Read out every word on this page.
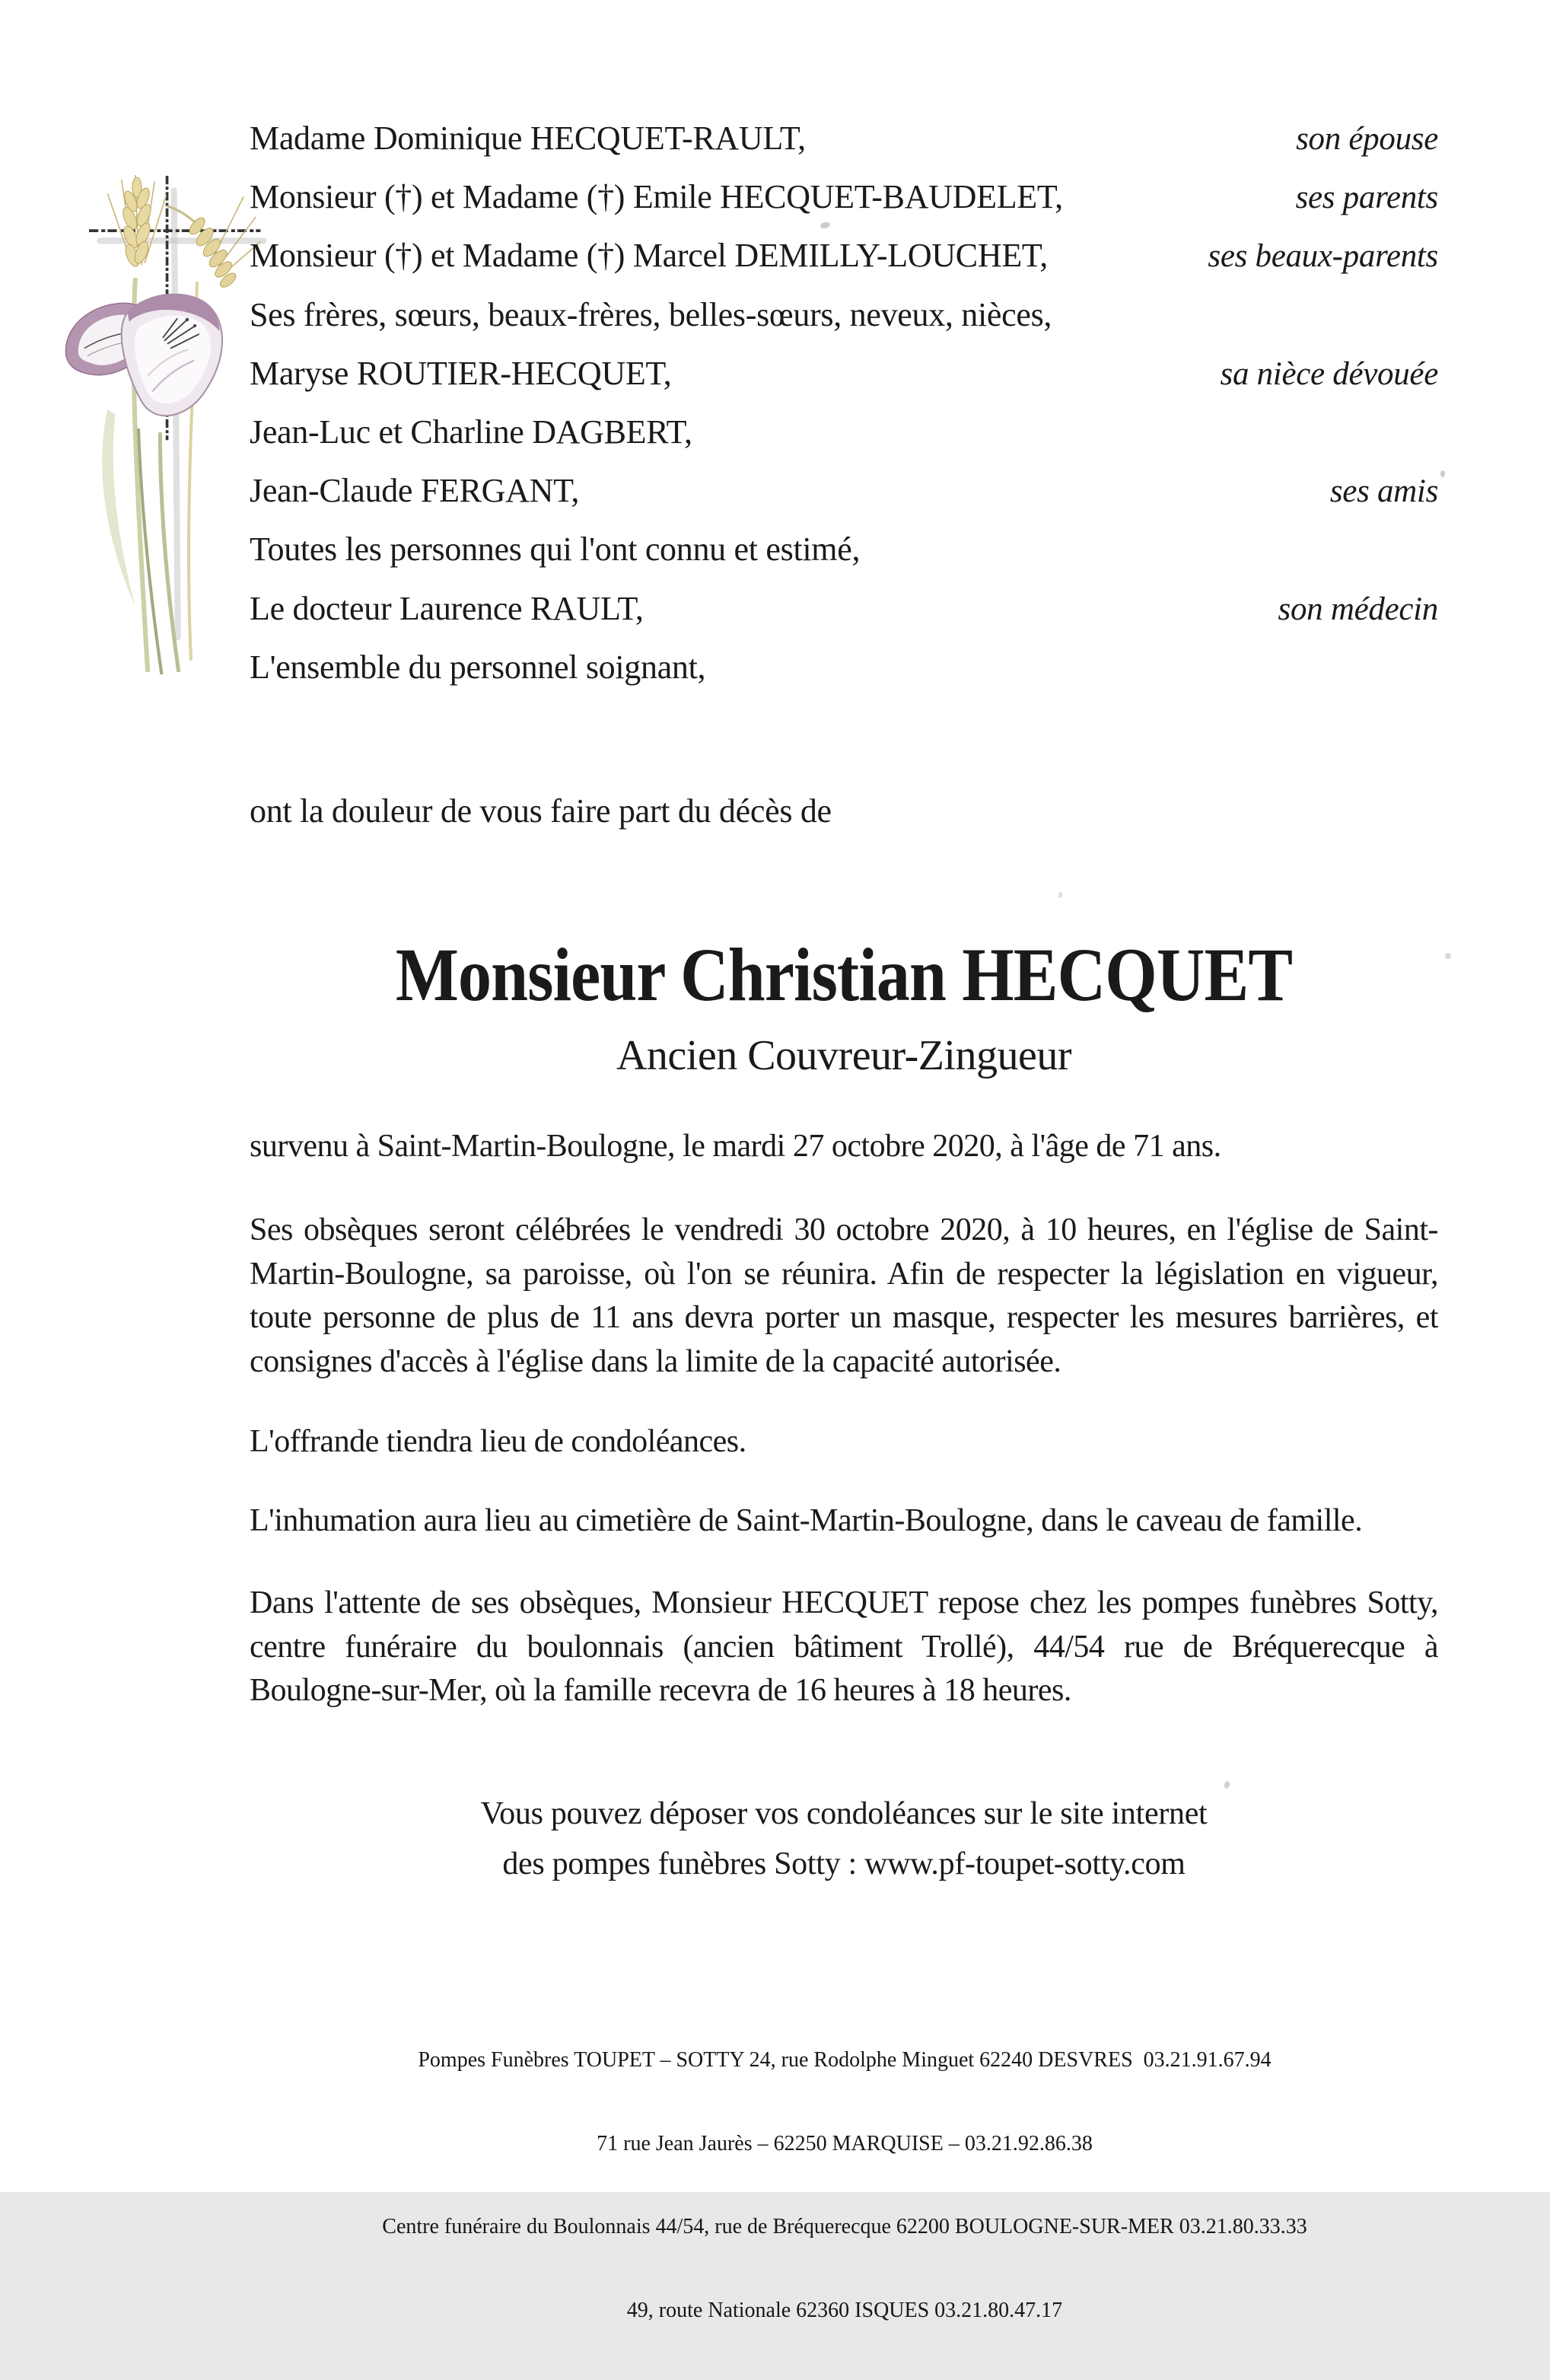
Madame Dominique HECQUET-RAULT,	son épouse
Monsieur (†) et Madame (†) Emile HECQUET-BAUDELET,	ses parents
Monsieur (†) et Madame (†) Marcel DEMILLY-LOUCHET,	ses beaux-parents
Ses frères, sœurs, beaux-frères, belles-sœurs, neveux, nièces,
Maryse ROUTIER-HECQUET,	sa nièce dévouée
Jean-Luc et Charline DAGBERT,
Jean-Claude FERGANT,	ses amis
Toutes les personnes qui l'ont connu et estimé,
Le docteur Laurence RAULT,	son médecin
L'ensemble du personnel soignant,
ont la douleur de vous faire part du décès de
Monsieur Christian HECQUET
Ancien Couvreur-Zingueur
survenu à Saint-Martin-Boulogne, le mardi 27 octobre 2020, à l'âge de 71 ans.
Ses obsèques seront célébrées le vendredi 30 octobre 2020, à 10 heures, en l'église de Saint-Martin-Boulogne, sa paroisse, où l'on se réunira. Afin de respecter la législation en vigueur, toute personne de plus de 11 ans devra porter un masque, respecter les mesures barrières, et consignes d'accès à l'église dans la limite de la capacité autorisée.
L'offrande tiendra lieu de condoléances.
L'inhumation aura lieu au cimetière de Saint-Martin-Boulogne, dans le caveau de famille.
Dans l'attente de ses obsèques, Monsieur HECQUET repose chez les pompes funèbres Sotty, centre funéraire du boulonnais (ancien bâtiment Trollé), 44/54 rue de Bréquerecque à Boulogne-sur-Mer, où la famille recevra de 16 heures à 18 heures.
Vous pouvez déposer vos condoléances sur le site internet
des pompes funèbres Sotty : www.pf-toupet-sotty.com

Pompes Funèbres TOUPET – SOTTY 24, rue Rodolphe Minguet 62240 DESVRES  03.21.91.67.94

71 rue Jean Jaurès – 62250 MARQUISE – 03.21.92.86.38

Centre funéraire du Boulonnais 44/54, rue de Bréquerecque 62200 BOULOGNE-SUR-MER 03.21.80.33.33

49, route Nationale 62360 ISQUES 03.21.80.47.17
